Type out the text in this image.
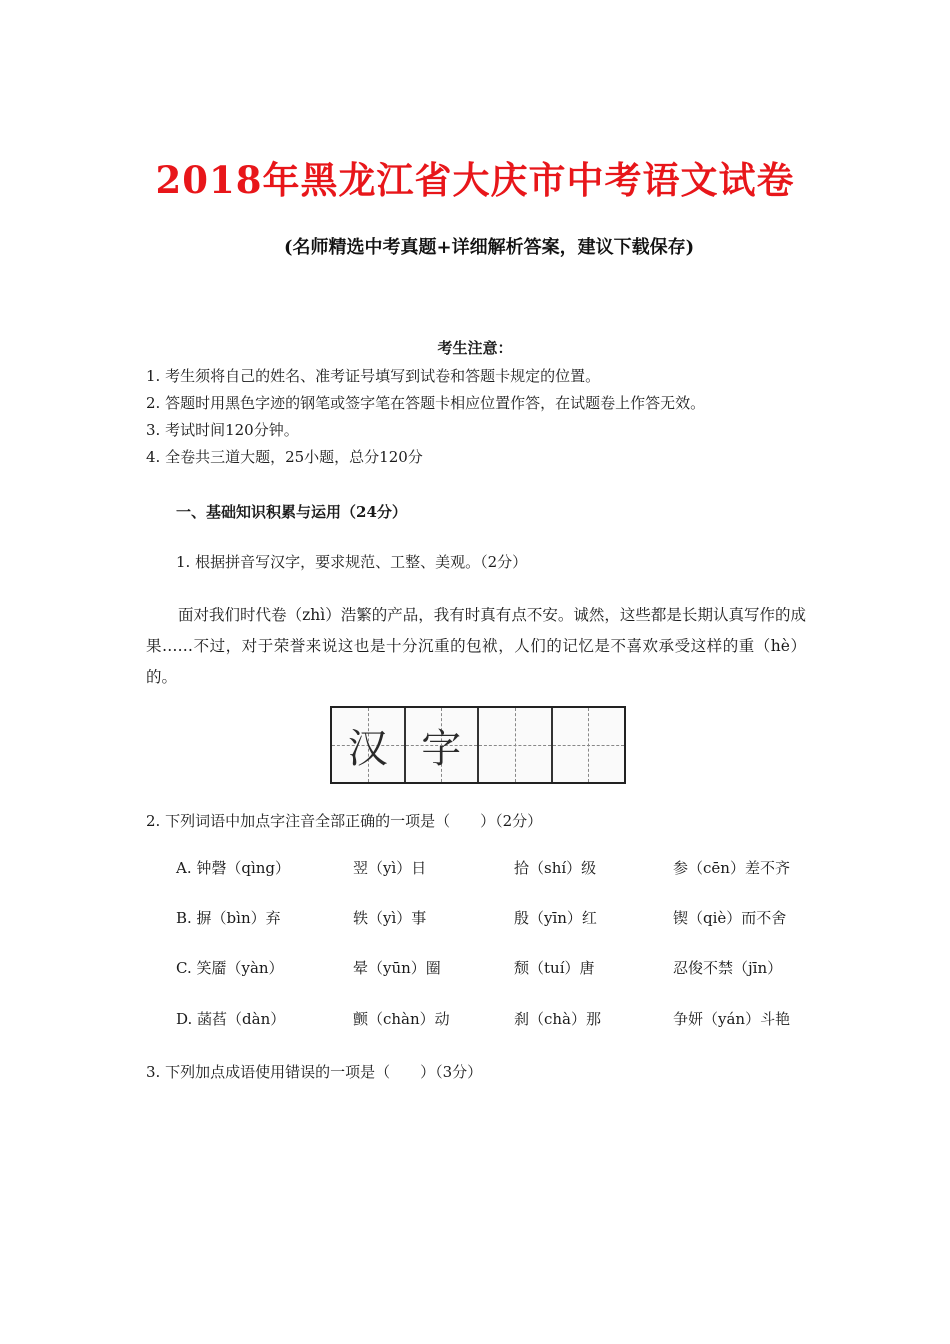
2018年黑龙江省大庆市中考语文试卷
(名师精选中考真题+详细解析答案，建议下载保存)
考生注意：
1. 考生须将自己的姓名、准考证号填写到试卷和答题卡规定的位置。
2. 答题时用黑色字迹的钢笔或签字笔在答题卡相应位置作答，在试题卷上作答无效。
3. 考试时间120分钟。
4. 全卷共三道大题，25小题，总分120分
一、基础知识积累与运用（24分）
1. 根据拼音写汉字，要求规范、工整、美观。（2分）
面对我们时代卷（zhì）浩繁的产品，我有时真有点不安。诚然，这些都是长期认真写作的成果……不过，对于荣誉来说这也是十分沉重的包袱，人们的记忆是不喜欢承受这样的重（hè）的。
汉 字
2. 下列词语中加点字注音全部正确的一项是（　　）（2分）
A. 钟磬（qìng）	翌（yì）日	拾（shí）级	参（cēn）差不齐
B. 摒（bìn）弃	轶（yì）事	殷（yīn）红	锲（qiè）而不舍
C. 笑靥（yàn）	晕（yūn）圈	颓（tuí）唐	忍俊不禁（jīn）
D. 菡萏（dàn）	颤（chàn）动	刹（chà）那	争妍（yán）斗艳
3. 下列加点成语使用错误的一项是（　　）（3分）
